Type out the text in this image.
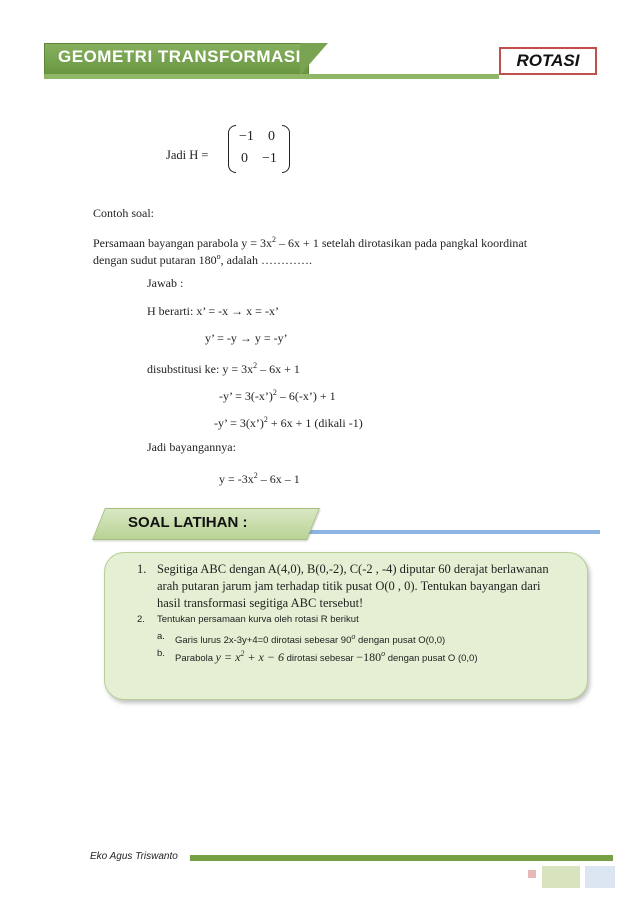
GEOMETRI TRANSFORMASI	ROTASI
Jadi H =
−1 0
0 −1
Contoh soal:
Persamaan bayangan parabola $y = 3x^2 - 6x + 1$ setelah dirotasikan pada pangkal koordinat
dengan sudut putaran 180$^o$, adalah ………….
Jawab :
H berarti: x’ = -x → x = -x’
y’ = -y → y = -y’
disubstitusi ke: $y = 3x^2 - 6x + 1$
-y’ = 3(-x’)$^2$ – 6(-x’) + 1
-y’ = 3(x’)$^2$ + 6x + 1 (dikali -1)
Jadi bayangannya:
$y = -3x^2 - 6x - 1$
SOAL LATIHAN :
1. Segitiga ABC dengan A(4,0), B(0,-2), C(-2 , -4) diputar 60 derajat berlawanan
arah putaran jarum jam terhadap titik pusat O(0 , 0). Tentukan bayangan dari
hasil transformasi segitiga ABC tersebut!
2. Tentukan persamaan kurva oleh rotasi R berikut
a. Garis lurus 2x-3y+4=0 dirotasi sebesar 90$^o$ dengan pusat O(0,0)
b. Parabola $y = x^2 + x - 6$ dirotasi sebesar $-180^o$ dengan pusat O (0,0)
Eko Agus Triswanto
